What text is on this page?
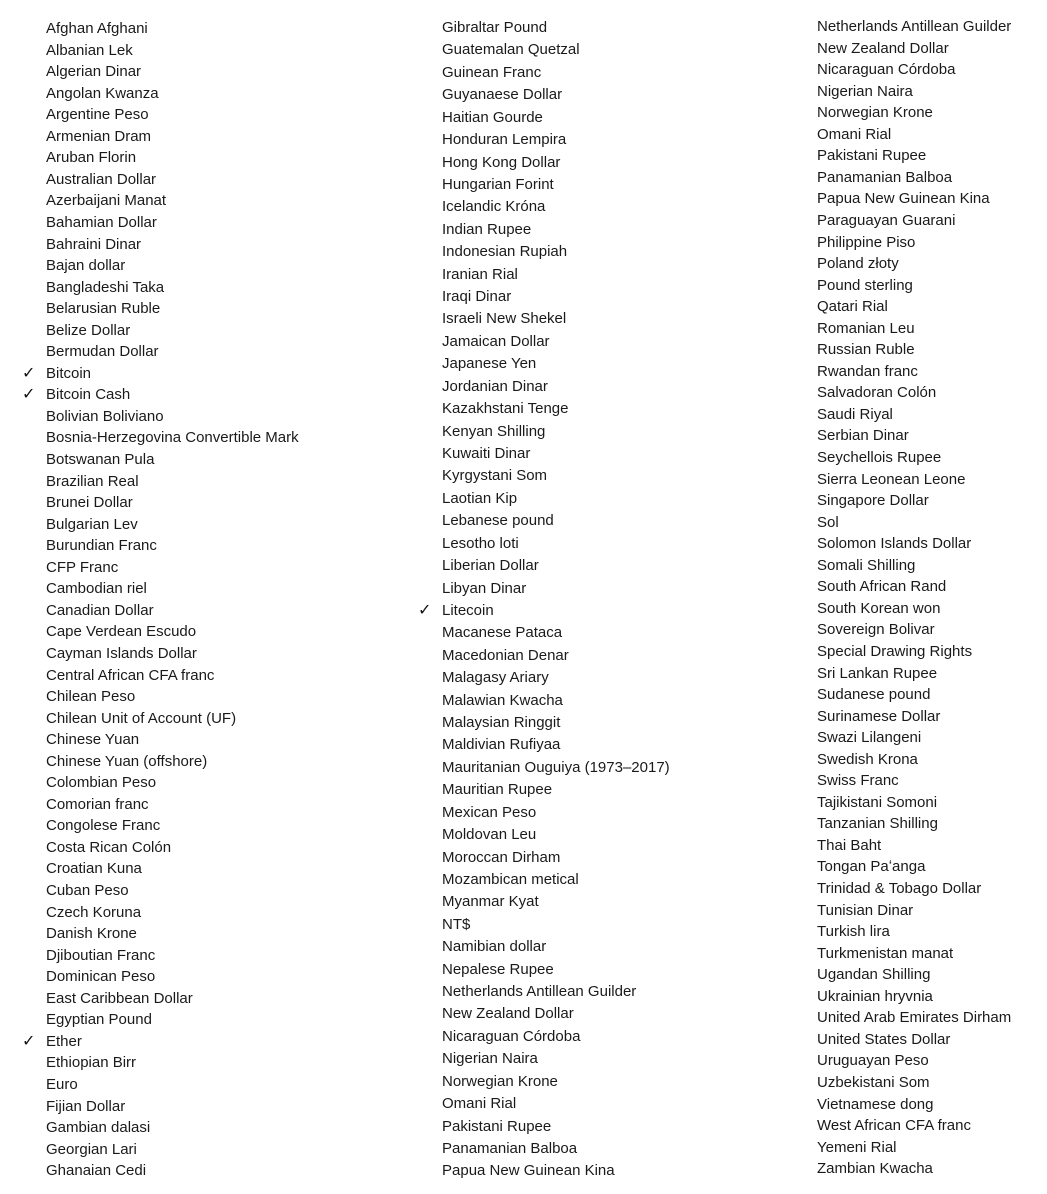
Afghan Afghani
Albanian Lek
Algerian Dinar
Angolan Kwanza
Argentine Peso
Armenian Dram
Aruban Florin
Australian Dollar
Azerbaijani Manat
Bahamian Dollar
Bahraini Dinar
Bajan dollar
Bangladeshi Taka
Belarusian Ruble
Belize Dollar
Bermudan Dollar
✓ Bitcoin
✓ Bitcoin Cash
Bolivian Boliviano
Bosnia-Herzegovina Convertible Mark
Botswanan Pula
Brazilian Real
Brunei Dollar
Bulgarian Lev
Burundian Franc
CFP Franc
Cambodian riel
Canadian Dollar
Cape Verdean Escudo
Cayman Islands Dollar
Central African CFA franc
Chilean Peso
Chilean Unit of Account (UF)
Chinese Yuan
Chinese Yuan (offshore)
Colombian Peso
Comorian franc
Congolese Franc
Costa Rican Colón
Croatian Kuna
Cuban Peso
Czech Koruna
Danish Krone
Djiboutian Franc
Dominican Peso
East Caribbean Dollar
Egyptian Pound
✓ Ether
Ethiopian Birr
Euro
Fijian Dollar
Gambian dalasi
Georgian Lari
Ghanaian Cedi
Gibraltar Pound
Guatemalan Quetzal
Guinean Franc
Guyanaese Dollar
Haitian Gourde
Honduran Lempira
Hong Kong Dollar
Hungarian Forint
Icelandic Króna
Indian Rupee
Indonesian Rupiah
Iranian Rial
Iraqi Dinar
Israeli New Shekel
Jamaican Dollar
Japanese Yen
Jordanian Dinar
Kazakhstani Tenge
Kenyan Shilling
Kuwaiti Dinar
Kyrgystani Som
Laotian Kip
Lebanese pound
Lesotho loti
Liberian Dollar
Libyan Dinar
✓ Litecoin
Macanese Pataca
Macedonian Denar
Malagasy Ariary
Malawian Kwacha
Malaysian Ringgit
Maldivian Rufiyaa
Mauritanian Ouguiya (1973–2017)
Mauritian Rupee
Mexican Peso
Moldovan Leu
Moroccan Dirham
Mozambican metical
Myanmar Kyat
NT$
Namibian dollar
Nepalese Rupee
Netherlands Antillean Guilder
New Zealand Dollar
Nicaraguan Córdoba
Nigerian Naira
Norwegian Krone
Omani Rial
Pakistani Rupee
Panamanian Balboa
Papua New Guinean Kina
Netherlands Antillean Guilder
New Zealand Dollar
Nicaraguan Córdoba
Nigerian Naira
Norwegian Krone
Omani Rial
Pakistani Rupee
Panamanian Balboa
Papua New Guinean Kina
Paraguayan Guarani
Philippine Piso
Poland złoty
Pound sterling
Qatari Rial
Romanian Leu
Russian Ruble
Rwandan franc
Salvadoran Colón
Saudi Riyal
Serbian Dinar
Seychellois Rupee
Sierra Leonean Leone
Singapore Dollar
Sol
Solomon Islands Dollar
Somali Shilling
South African Rand
South Korean won
Sovereign Bolivar
Special Drawing Rights
Sri Lankan Rupee
Sudanese pound
Surinamese Dollar
Swazi Lilangeni
Swedish Krona
Swiss Franc
Tajikistani Somoni
Tanzanian Shilling
Thai Baht
Tongan Paʻanga
Trinidad & Tobago Dollar
Tunisian Dinar
Turkish lira
Turkmenistan manat
Ugandan Shilling
Ukrainian hryvnia
United Arab Emirates Dirham
United States Dollar
Uruguayan Peso
Uzbekistani Som
Vietnamese dong
West African CFA franc
Yemeni Rial
Zambian Kwacha
